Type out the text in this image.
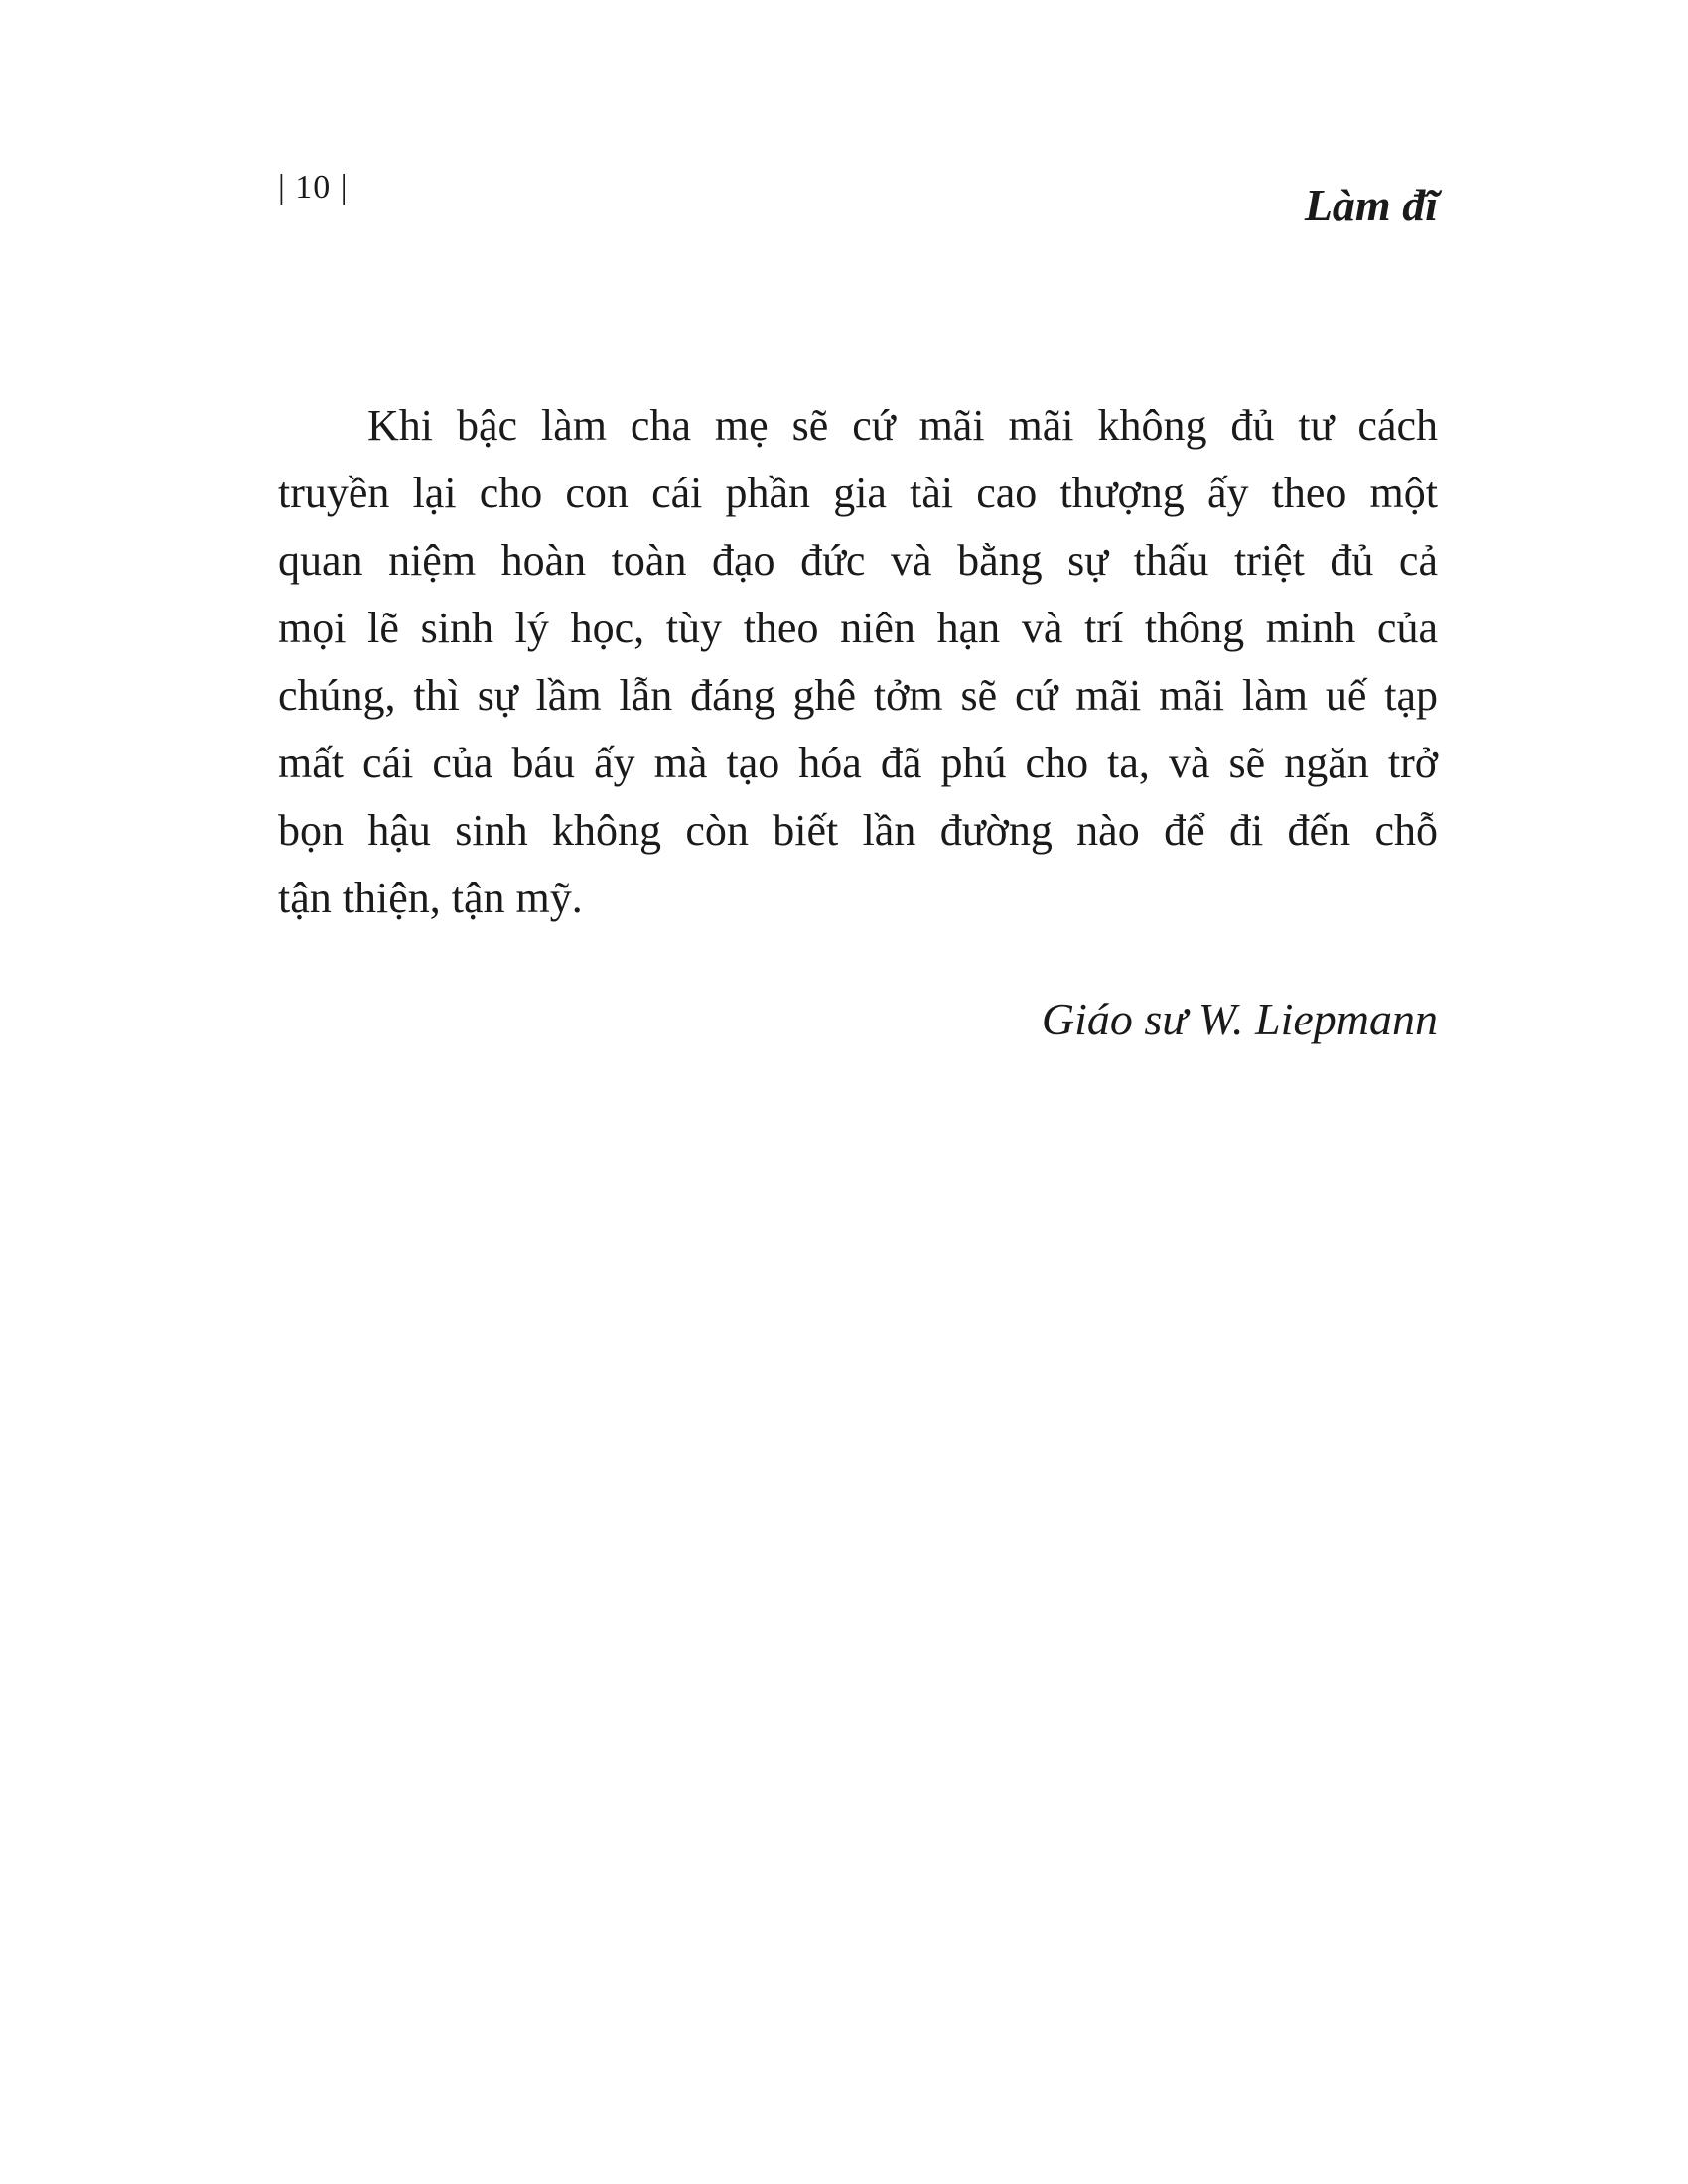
| 10 |	Làm đĩ

Khi bậc làm cha mẹ sẽ cứ mãi mãi không đủ tư cách
truyền lại cho con cái phần gia tài cao thượng ấy theo một
quan niệm hoàn toàn đạo đức và bằng sự thấu triệt đủ cả
mọi lẽ sinh lý học, tùy theo niên hạn và trí thông minh của
chúng, thì sự lầm lẫn đáng ghê tởm sẽ cứ mãi mãi làm uế tạp
mất cái của báu ấy mà tạo hóa đã phú cho ta, và sẽ ngăn trở
bọn hậu sinh không còn biết lần đường nào để đi đến chỗ
tận thiện, tận mỹ.

Giáo sư W. Liepmann
